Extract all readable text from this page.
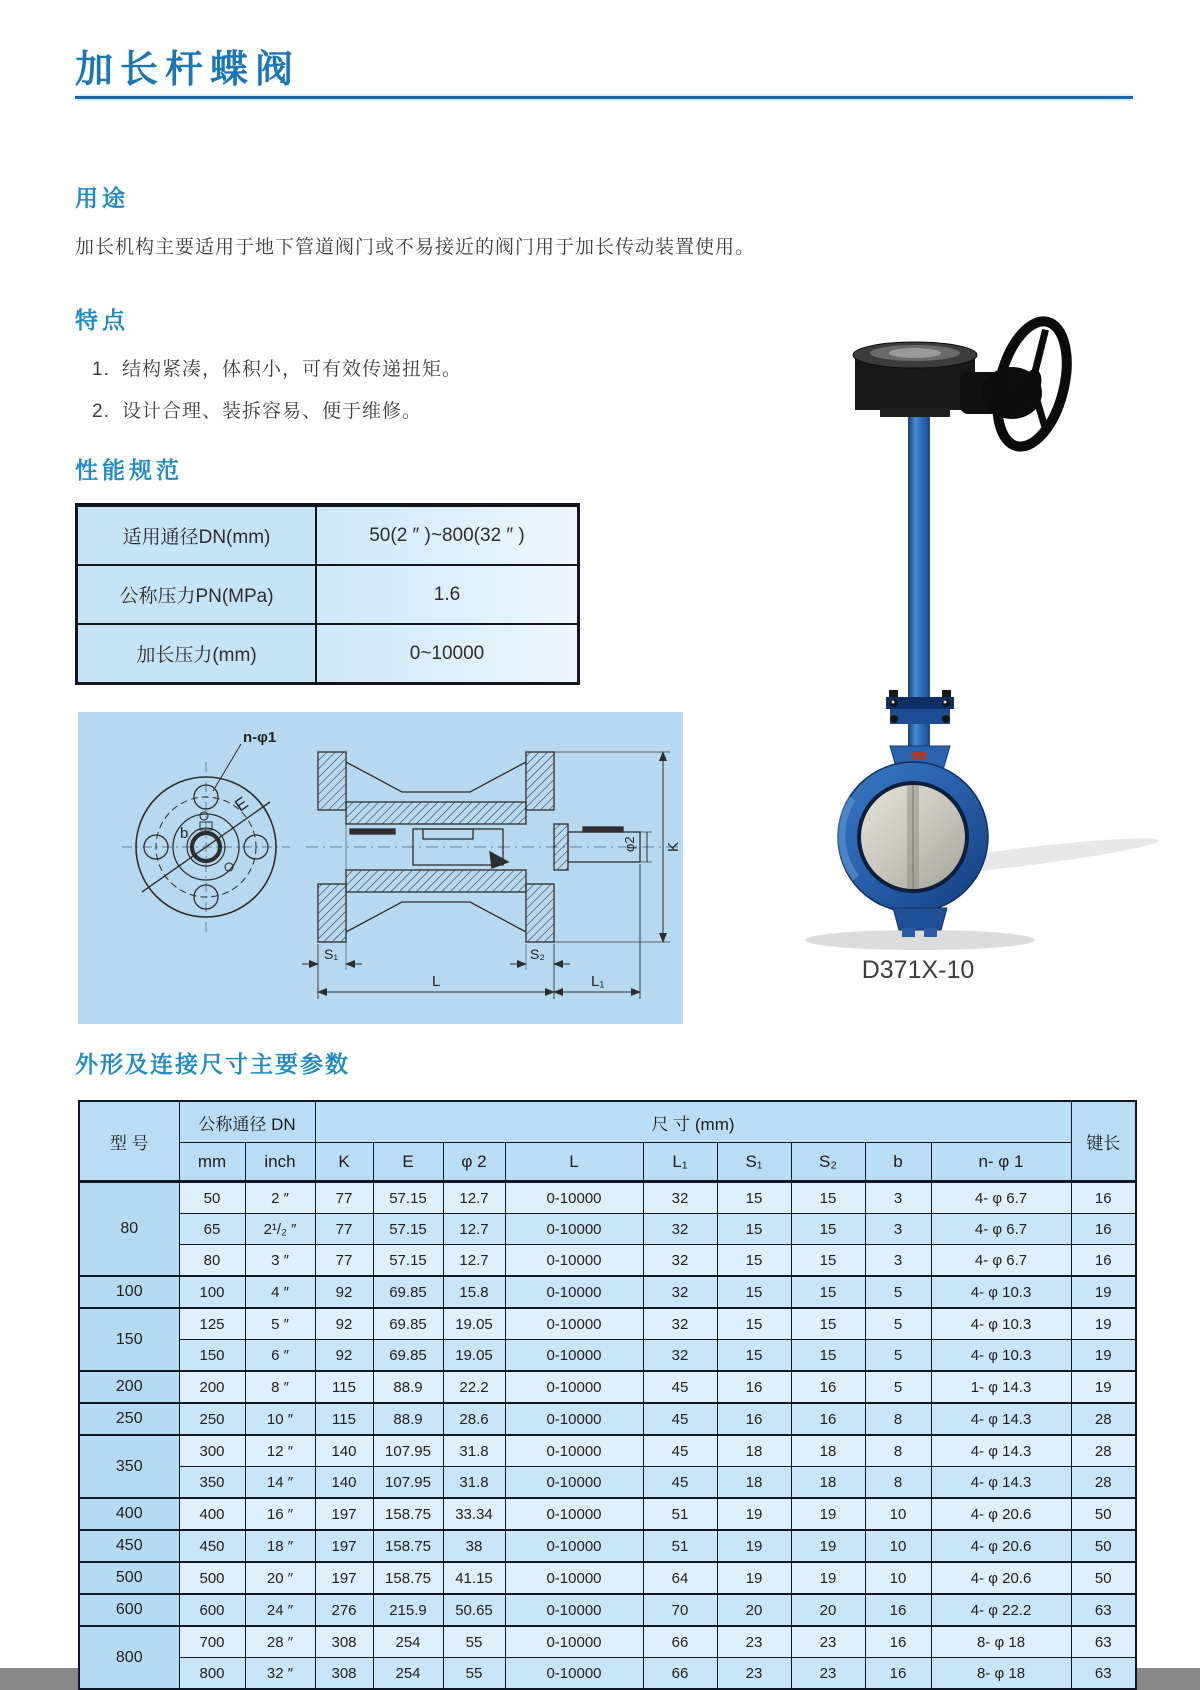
加长杆蝶阀
用途
加长机构主要适用于地下管道阀门或不易接近的阀门用于加长传动装置使用。
特点
1. 结构紧凑，体积小，可有效传递扭矩。
2. 设计合理、装拆容易、便于维修。
性能规范
适用通径DN(mm)	50(2 ″ )~800(32 ″ )
公称压力PN(MPa)	1.6
加长压力(mm)	0~10000
n-φ1
E
b
S₁	S₂
L	L₁
φ2 K
D371X-10
外形及连接尺寸主要参数
型 号	公称通径 DN		尺 寸 (mm)									键长
	mm	inch	K	E	φ 2	L	L₁	S₁	S₂	b	n- φ 1	
80	50	2 ″	77	57.15	12.7	0-10000	32	15	15	3	4- φ 6.7	16
	65	2¹/₂ ″	77	57.15	12.7	0-10000	32	15	15	3	4- φ 6.7	16
	80	3 ″	77	57.15	12.7	0-10000	32	15	15	3	4- φ 6.7	16
100	100	4 ″	92	69.85	15.8	0-10000	32	15	15	5	4- φ 10.3	19
150	125	5 ″	92	69.85	19.05	0-10000	32	15	15	5	4- φ 10.3	19
	150	6 ″	92	69.85	19.05	0-10000	32	15	15	5	4- φ 10.3	19
200	200	8 ″	115	88.9	22.2	0-10000	45	16	16	5	1- φ 14.3	19
250	250	10 ″	115	88.9	28.6	0-10000	45	16	16	8	4- φ 14.3	28
350	300	12 ″	140	107.95	31.8	0-10000	45	18	18	8	4- φ 14.3	28
	350	14 ″	140	107.95	31.8	0-10000	45	18	18	8	4- φ 14.3	28
400	400	16 ″	197	158.75	33.34	0-10000	51	19	19	10	4- φ 20.6	50
450	450	18 ″	197	158.75	38	0-10000	51	19	19	10	4- φ 20.6	50
500	500	20 ″	197	158.75	41.15	0-10000	64	19	19	10	4- φ 20.6	50
600	600	24 ″	276	215.9	50.65	0-10000	70	20	20	16	4- φ 22.2	63
800	700	28 ″	308	254	55	0-10000	66	23	23	16	8- φ 18	63
	800	32 ″	308	254	55	0-10000	66	23	23	16	8- φ 18	63
